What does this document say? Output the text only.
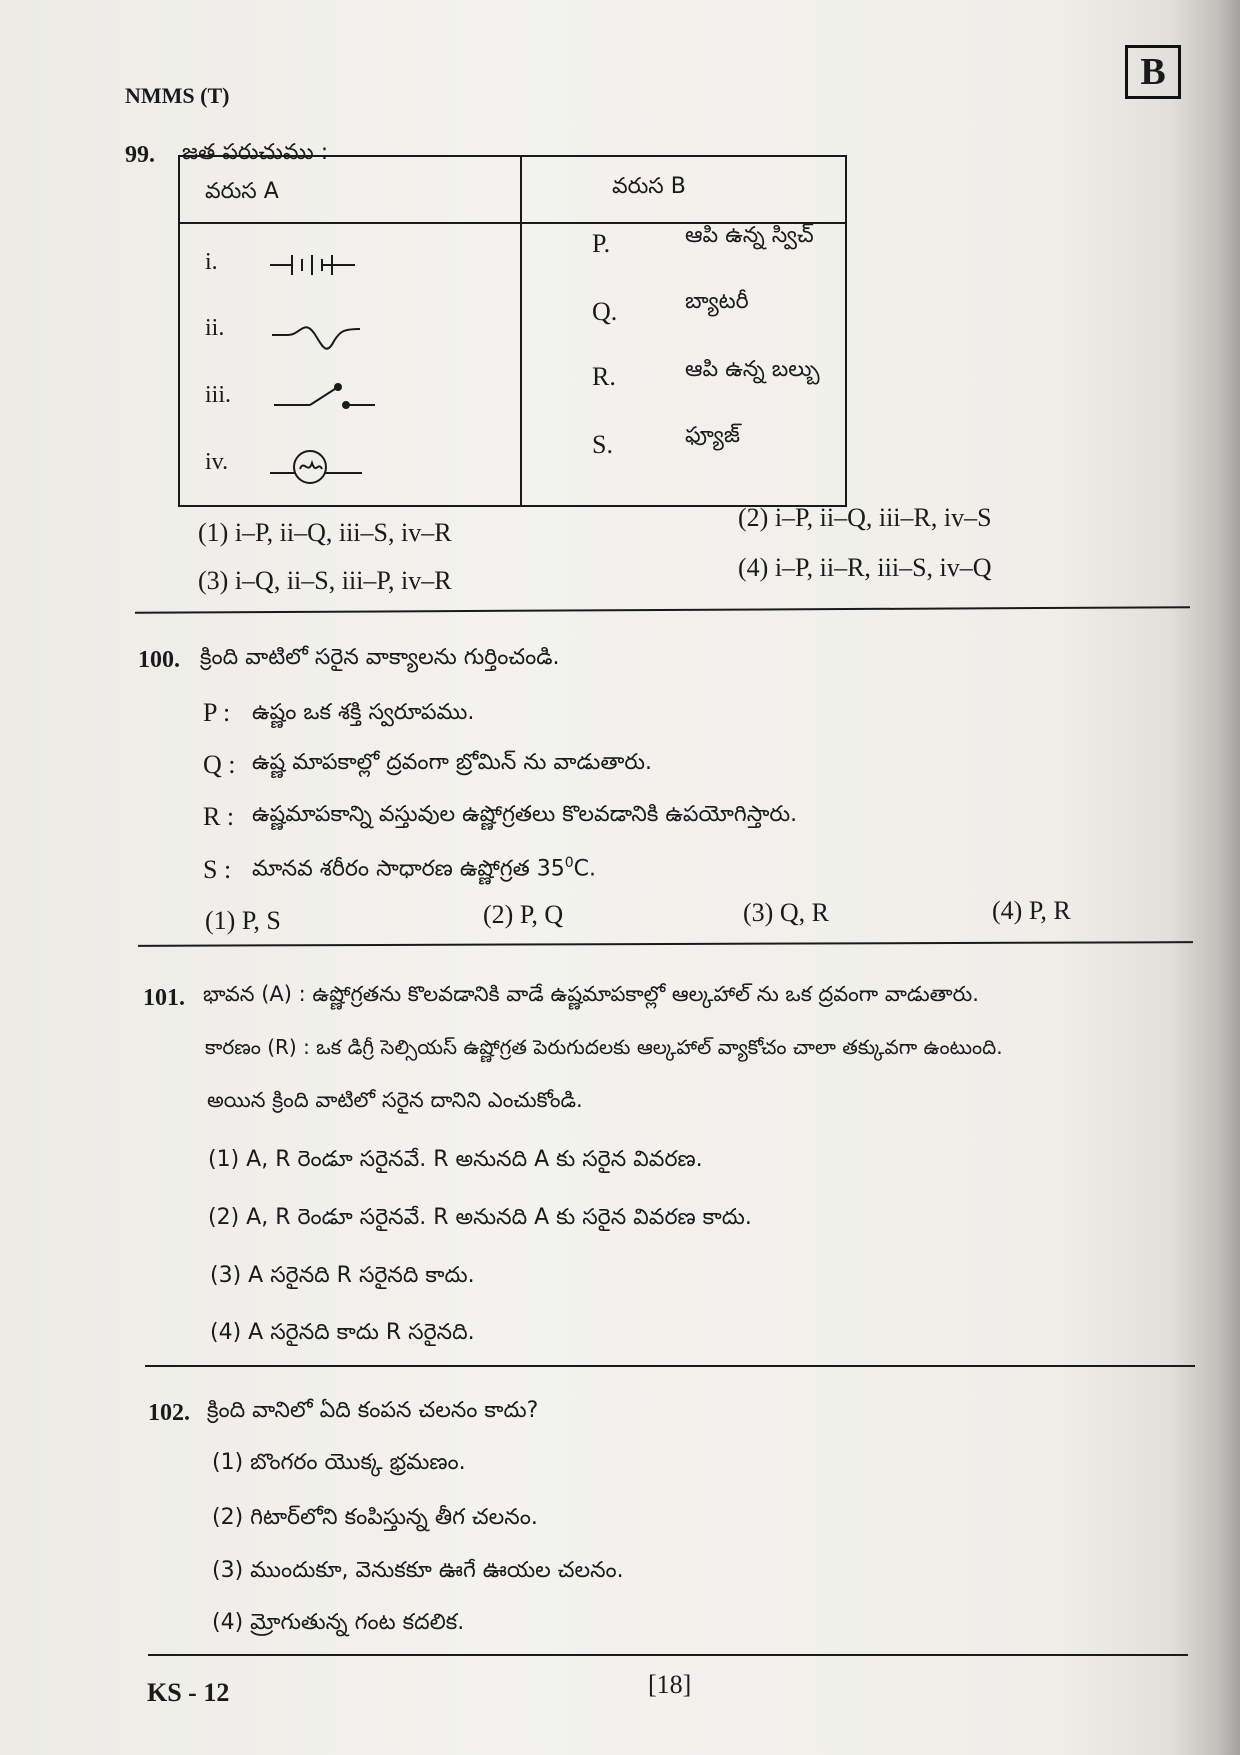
B
NMMS (T)
99. జత పరుచుము :
వరుస A	వరుస B
i.
ii.
iii.
iv.
P.	ఆపి ఉన్న స్విచ్
Q.	బ్యాటరీ
R.	ఆపి ఉన్న బల్బు
S.	ఫ్యూజ్
(1) i–P, ii–Q, iii–S, iv–R
(2) i–P, ii–Q, iii–R, iv–S
(3) i–Q, ii–S, iii–P, iv–R	(4) i–P, ii–R, iii–S, iv–Q
100. క్రింది వాటిలో సరైన వాక్యాలను గుర్తించండి.
P : ఉష్ణం ఒక శక్తి స్వరూపము.
Q : ఉష్ణ మాపకాల్లో ద్రవంగా బ్రోమిన్ ను వాడుతారు.
R : ఉష్ణమాపకాన్ని వస్తువుల ఉష్ణోగ్రతలు కొలవడానికి ఉపయోగిస్తారు.
S : మానవ శరీరం సాధారణ ఉష్ణోగ్రత $35^0C$.
(1) P, S	(2) P, Q	(3) Q, R	(4) P, R
101. భావన (A) : ఉష్ణోగ్రతను కొలవడానికి వాడే ఉష్ణమాపకాల్లో ఆల్కహాల్ ను ఒక ద్రవంగా వాడుతారు.
కారణం (R) : ఒక డిగ్రీ సెల్సియస్ ఉష్ణోగ్రత పెరుగుదలకు ఆల్కహాల్ వ్యాకోచం చాలా తక్కువగా ఉంటుంది.
అయిన క్రింది వాటిలో సరైన దానిని ఎంచుకోండి.
(1) A, R రెండూ సరైనవే. R అనునది A కు సరైన వివరణ.
(2) A, R రెండూ సరైనవే. R అనునది A కు సరైన వివరణ కాదు.
(3) A సరైనది R సరైనది కాదు.
(4) A సరైనది కాదు R సరైనది.
102. క్రింది వానిలో ఏది కంపన చలనం కాదు?
(1) బొంగరం యొక్క భ్రమణం.
(2) గిటార్‌లోని కంపిస్తున్న తీగ చలనం.
(3) ముందుకూ, వెనుకకూ ఊగే ఊయల చలనం.
(4) మ్రోగుతున్న గంట కదలిక.
KS - 12	[18]
